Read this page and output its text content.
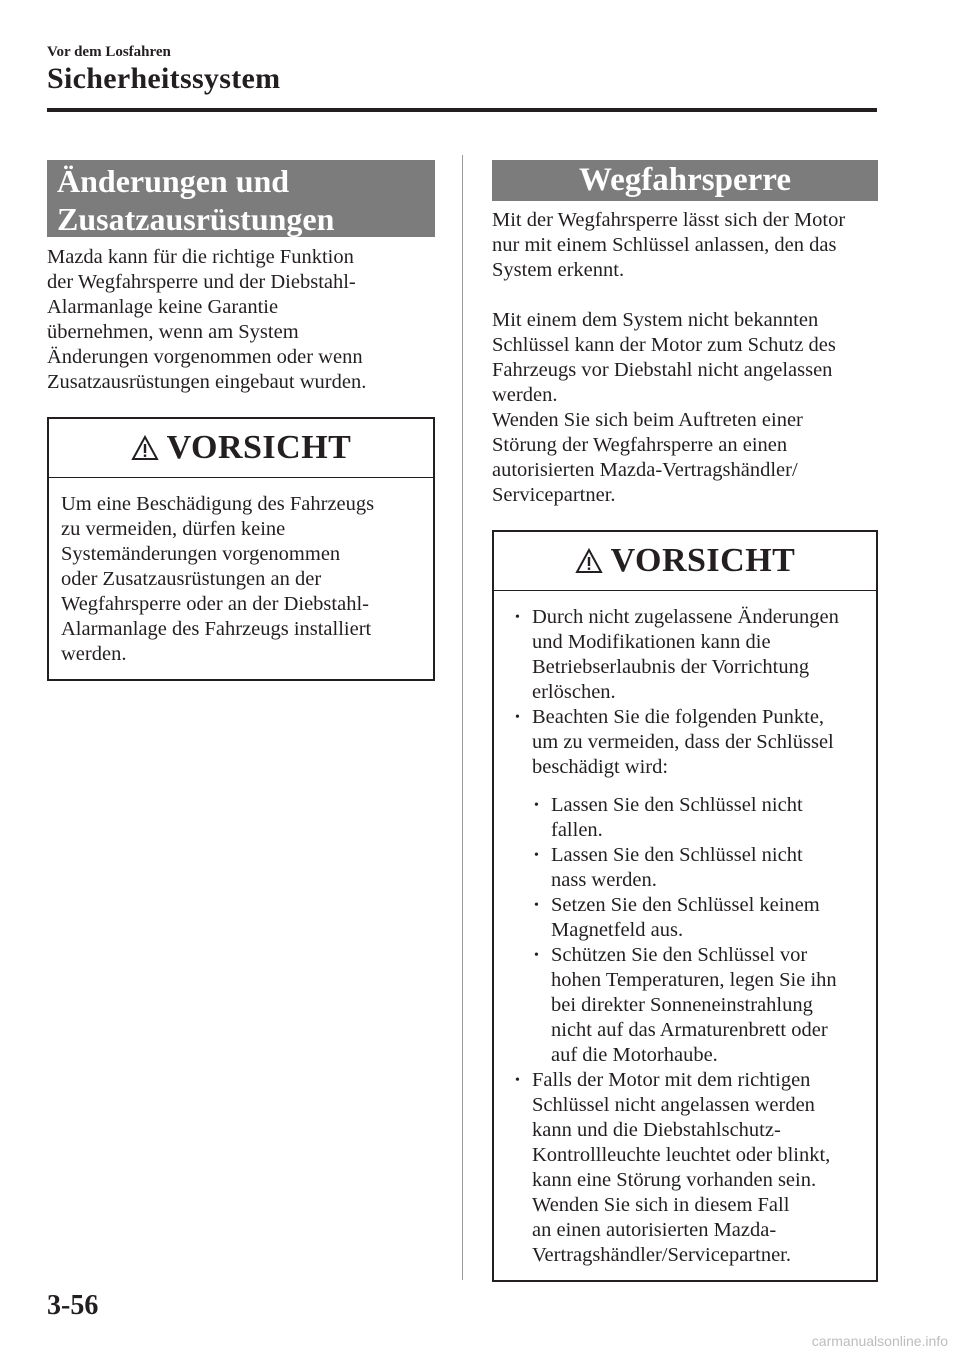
Vor dem Losfahren
Sicherheitssystem
Änderungen und
Zusatzausrüstungen

Mazda kann für die richtige Funktion
der Wegfahrsperre und der Diebstahl-
Alarmanlage keine Garantie
übernehmen, wenn am System
Änderungen vorgenommen oder wenn
Zusatzausrüstungen eingebaut wurden.

VORSICHT
Um eine Beschädigung des Fahrzeugs
zu vermeiden, dürfen keine
Systemänderungen vorgenommen
oder Zusatzausrüstungen an der
Wegfahrsperre oder an der Diebstahl-
Alarmanlage des Fahrzeugs installiert
werden.
Wegfahrsperre

Mit der Wegfahrsperre lässt sich der Motor
nur mit einem Schlüssel anlassen, den das
System erkennt.

Mit einem dem System nicht bekannten
Schlüssel kann der Motor zum Schutz des
Fahrzeugs vor Diebstahl nicht angelassen
werden.
Wenden Sie sich beim Auftreten einer
Störung der Wegfahrsperre an einen
autorisierten Mazda-Vertragshändler/
Servicepartner.

VORSICHT
• Durch nicht zugelassene Änderungen
und Modifikationen kann die
Betriebserlaubnis der Vorrichtung
erlöschen.
• Beachten Sie die folgenden Punkte,
um zu vermeiden, dass der Schlüssel
beschädigt wird:
• Lassen Sie den Schlüssel nicht
fallen.
• Lassen Sie den Schlüssel nicht
nass werden.
• Setzen Sie den Schlüssel keinem
Magnetfeld aus.
• Schützen Sie den Schlüssel vor
hohen Temperaturen, legen Sie ihn
bei direkter Sonneneinstrahlung
nicht auf das Armaturenbrett oder
auf die Motorhaube.
• Falls der Motor mit dem richtigen
Schlüssel nicht angelassen werden
kann und die Diebstahlschutz-
Kontrollleuchte leuchtet oder blinkt,
kann eine Störung vorhanden sein.
Wenden Sie sich in diesem Fall
an einen autorisierten Mazda-
Vertragshändler/Servicepartner.
3-56
carmanualsonline.info
